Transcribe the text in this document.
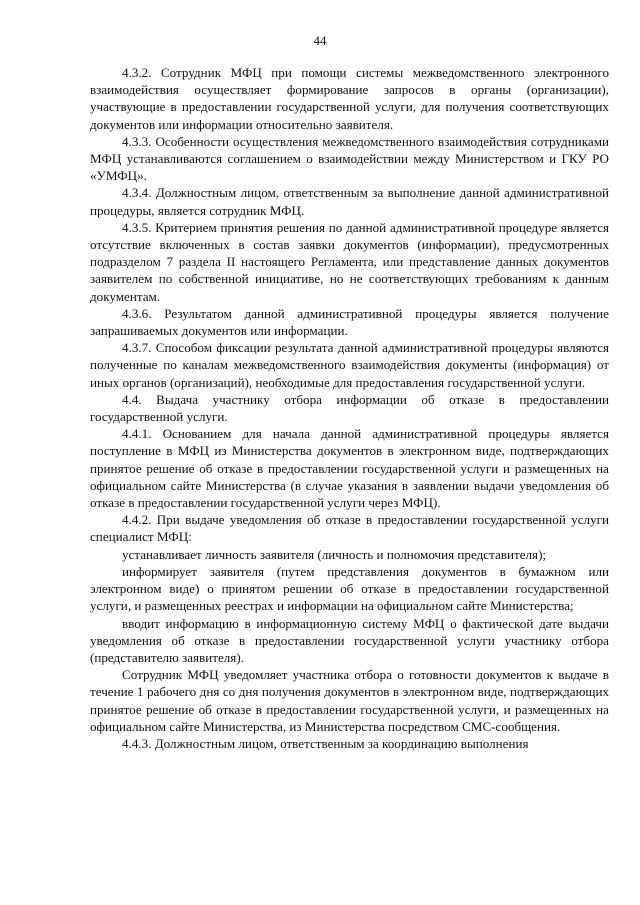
44

4.3.2. Сотрудник МФЦ при помощи системы межведомственного электронного взаимодействия осуществляет формирование запросов в органы (организации), участвующие в предоставлении государственной услуги, для получения соответствующих документов или информации относительно заявителя.

4.3.3. Особенности осуществления межведомственного взаимодействия сотрудниками МФЦ устанавливаются соглашением о взаимодействии между Министерством и ГКУ РО «УМФЦ».

4.3.4. Должностным лицом, ответственным за выполнение данной административной процедуры, является сотрудник МФЦ.

4.3.5. Критерием принятия решения по данной административной процедуре является отсутствие включенных в состав заявки документов (информации), предусмотренных подразделом 7 раздела II настоящего Регламента, или представление данных документов заявителем по собственной инициативе, но не соответствующих требованиям к данным документам.

4.3.6. Результатом данной административной процедуры является получение запрашиваемых документов или информации.

4.3.7. Способом фиксации результата данной административной процедуры являются полученные по каналам межведомственного взаимодействия документы (информация) от иных органов (организаций), необходимые для предоставления государственной услуги.

4.4. Выдача участнику отбора информации об отказе в предоставлении государственной услуги.

4.4.1. Основанием для начала данной административной процедуры является поступление в МФЦ из Министерства документов в электронном виде, подтверждающих принятое решение об отказе в предоставлении государственной услуги и размещенных на официальном сайте Министерства (в случае указания в заявлении выдачи уведомления об отказе в предоставлении государственной услуги через МФЦ).

4.4.2. При выдаче уведомления об отказе в предоставлении государственной услуги специалист МФЦ:

устанавливает личность заявителя (личность и полномочия представителя);

информирует заявителя (путем представления документов в бумажном или электронном виде) о принятом решении об отказе в предоставлении государственной услуги, и размещенных реестрах и информации на официальном сайте Министерства;

вводит информацию в информационную систему МФЦ о фактической дате выдачи уведомления об отказе в предоставлении государственной услуги участнику отбора (представителю заявителя).

Сотрудник МФЦ уведомляет участника отбора о готовности документов к выдаче в течение 1 рабочего дня со дня получения документов в электронном виде, подтверждающих принятое решение об отказе в предоставлении государственной услуги, и размещенных на официальном сайте Министерства, из Министерства посредством СМС-сообщения.

4.4.3. Должностным лицом, ответственным за координацию выполнения
